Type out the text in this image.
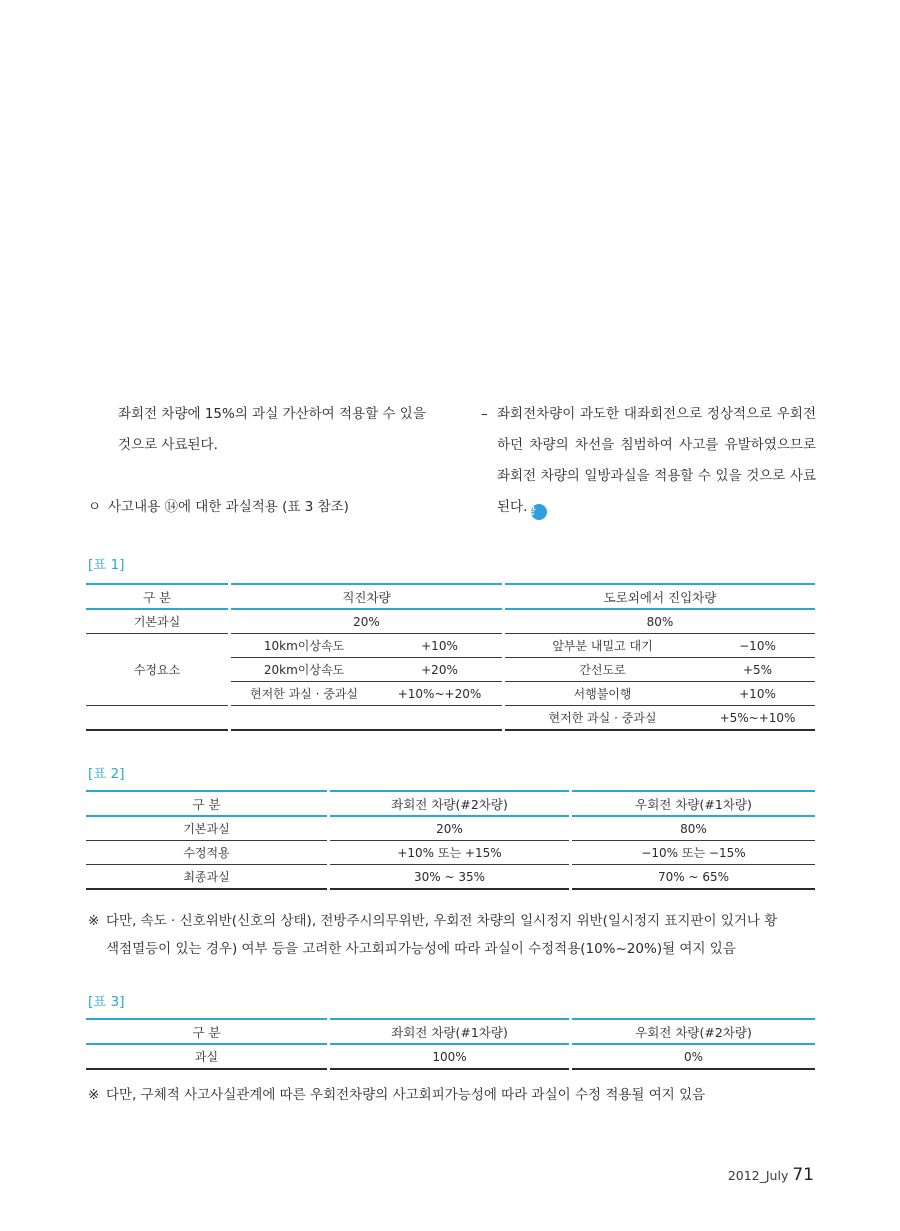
좌회전 차량에 15%의 과실 가산하여 적용할 수 있을
것으로 사료된다.
ㅇ 사고내용 ⑭에 대한 과실적용 (표 3 참조)
– 좌회전차량이 과도한 대좌회전으로 정상적으로 우회전하던 차량의 차선을 침범하여 사고를 유발하였으므로 좌회전 차량의 일방과실을 적용할 수 있을 것으로 사료된다.끝
[표 1]
구 분		직진차량			도로외에서 진입차량	
기본과실		20%			80%	
수정요소		10km이상속도	+10%		앞부분 내밀고 대기	−10%
		20km이상속도	+20%		간선도로	+5%
		현저한 과실 · 중과실	+10%~+20%		서행불이행	+10%
					현저한 과실 · 중과실	+5%~+10%
[표 2]
구 분		좌회전 차량(#2차량)		우회전 차량(#1차량)
기본과실		20%		80%
수정적용		+10% 또는 +15%		−10% 또는 −15%
최종과실		30% ~ 35%		70% ~ 65%
※ 다만, 속도 · 신호위반(신호의 상태), 전방주시의무위반, 우회전 차량의 일시정지 위반(일시정지 표지판이 있거나 황
색점멸등이 있는 경우) 여부 등을 고려한 사고회피가능성에 따라 과실이 수정적용(10%~20%)될 여지 있음
[표 3]
구 분		좌회전 차량(#1차량)		우회전 차량(#2차량)
과실		100%		0%
※ 다만, 구체적 사고사실관계에 따른 우회전차량의 사고회피가능성에 따라 과실이 수정 적용될 여지 있음
2012_July 71
